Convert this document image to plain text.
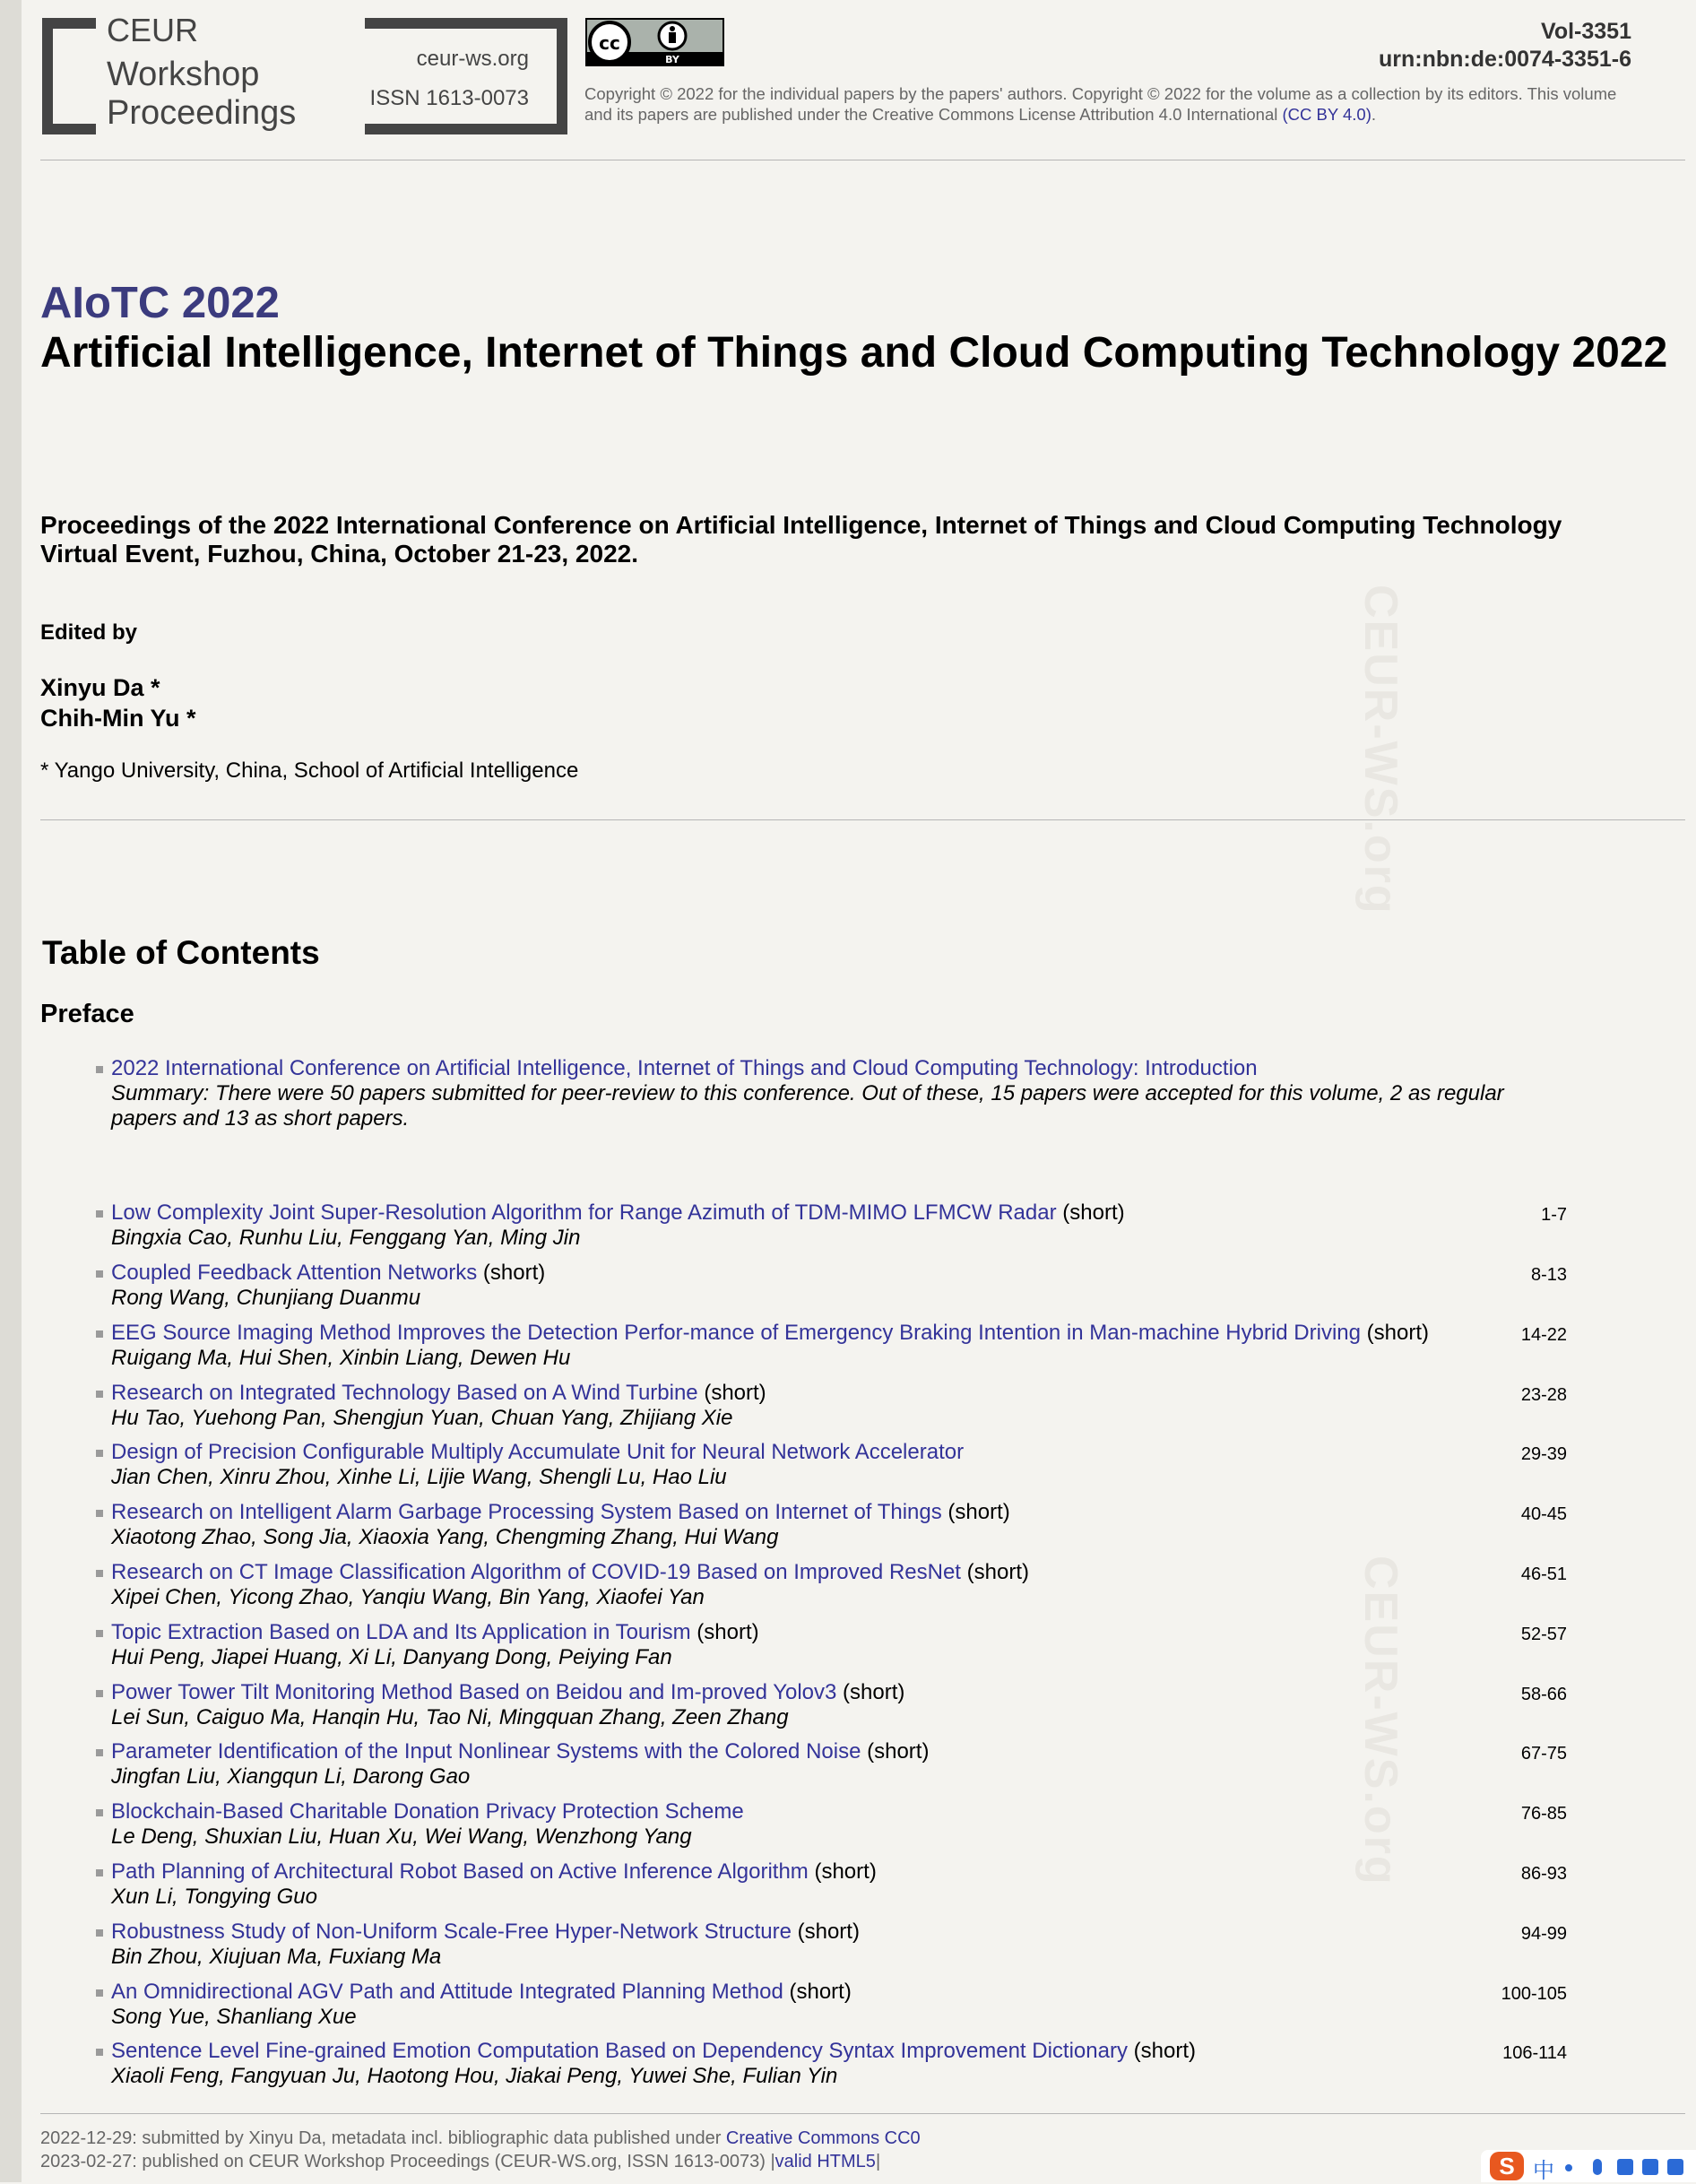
CEUR
Workshop
Proceedings
ceur-ws.org
ISSN 1613-0073
cc
BY
Vol-3351
urn:nbn:de:0074-3351-6
Copyright © 2022 for the individual papers by the papers' authors. Copyright © 2022 for the volume as a collection by its editors. This volume and its papers are published under the Creative Commons License Attribution 4.0 International (CC BY 4.0).
AIoTC 2022
Artificial Intelligence, Internet of Things and Cloud Computing Technology 2022
Proceedings of the 2022 International Conference on Artificial Intelligence, Internet of Things and Cloud Computing Technology
Virtual Event, Fuzhou, China, October 21-23, 2022.
Edited by
Xinyu Da *
Chih-Min Yu *
* Yango University, China, School of Artificial Intelligence	CEUR-WS.org
CEUR-WS.org
Table of Contents
Preface
2022 International Conference on Artificial Intelligence, Internet of Things and Cloud Computing Technology: Introduction
Summary: There were 50 papers submitted for peer-review to this conference. Out of these, 15 papers were accepted for this volume, 2 as regular papers and 13 as short papers.
Low Complexity Joint Super-Resolution Algorithm for Range Azimuth of TDM-MIMO LFMCW Radar (short)
Bingxia Cao, Runhu Liu, Fenggang Yan, Ming Jin
1-7
Coupled Feedback Attention Networks (short)
Rong Wang, Chunjiang Duanmu
8-13
EEG Source Imaging Method Improves the Detection Perfor-mance of Emergency Braking Intention in Man-machine Hybrid Driving (short)
Ruigang Ma, Hui Shen, Xinbin Liang, Dewen Hu
14-22
Research on Integrated Technology Based on A Wind Turbine (short)
Hu Tao, Yuehong Pan, Shengjun Yuan, Chuan Yang, Zhijiang Xie
23-28
Design of Precision Configurable Multiply Accumulate Unit for Neural Network Accelerator
Jian Chen, Xinru Zhou, Xinhe Li, Lijie Wang, Shengli Lu, Hao Liu
29-39
Research on Intelligent Alarm Garbage Processing System Based on Internet of Things (short)
Xiaotong Zhao, Song Jia, Xiaoxia Yang, Chengming Zhang, Hui Wang
40-45
Research on CT Image Classification Algorithm of COVID-19 Based on Improved ResNet (short)
Xipei Chen, Yicong Zhao, Yanqiu Wang, Bin Yang, Xiaofei Yan
46-51
Topic Extraction Based on LDA and Its Application in Tourism (short)
Hui Peng, Jiapei Huang, Xi Li, Danyang Dong, Peiying Fan
52-57
Power Tower Tilt Monitoring Method Based on Beidou and Im-proved Yolov3 (short)
Lei Sun, Caiguo Ma, Hanqin Hu, Tao Ni, Mingquan Zhang, Zeen Zhang
58-66
Parameter Identification of the Input Nonlinear Systems with the Colored Noise (short)
Jingfan Liu, Xiangqun Li, Darong Gao
67-75
Blockchain-Based Charitable Donation Privacy Protection Scheme
Le Deng, Shuxian Liu, Huan Xu, Wei Wang, Wenzhong Yang
76-85
Path Planning of Architectural Robot Based on Active Inference Algorithm (short)
Xun Li, Tongying Guo
86-93
Robustness Study of Non-Uniform Scale-Free Hyper-Network Structure (short)
Bin Zhou, Xiujuan Ma, Fuxiang Ma
94-99
An Omnidirectional AGV Path and Attitude Integrated Planning Method (short)
Song Yue, Shanliang Xue
100-105
Sentence Level Fine-grained Emotion Computation Based on Dependency Syntax Improvement Dictionary (short)
Xiaoli Feng, Fangyuan Ju, Haotong Hou, Jiakai Peng, Yuwei She, Fulian Yin
106-114
2022-12-29: submitted by Xinyu Da, metadata incl. bibliographic data published under Creative Commons CC0
2023-02-27: published on CEUR Workshop Proceedings (CEUR-WS.org, ISSN 1613-0073) |valid HTML5|	S 中
